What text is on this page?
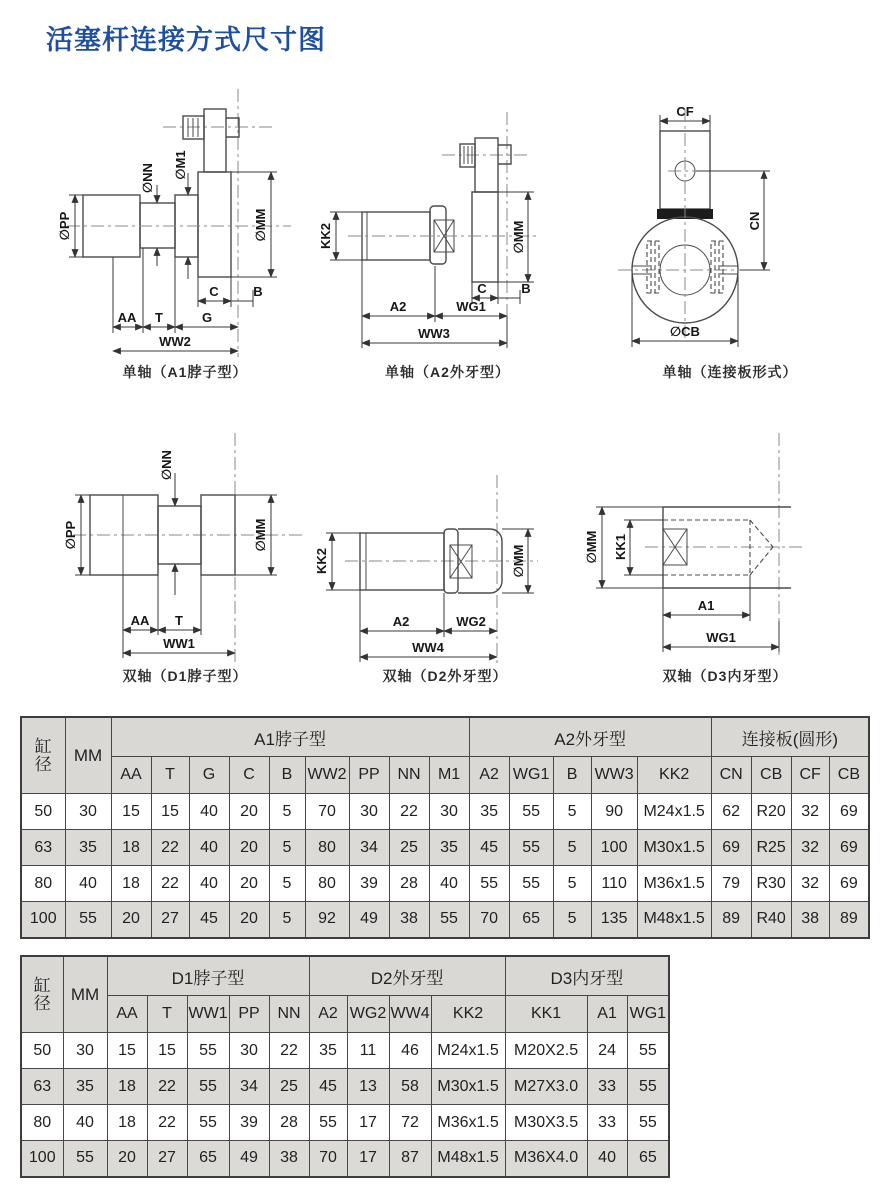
活塞杆连接方式尺寸图
∅PP
∅NN ∅M1
∅MM
C	B
AA T	G
WW2
单轴（A1脖子型）
KK2	∅MM
C	B
A2	WG1
WW3
单轴（A2外牙型）
CF
CN
∅CB
单轴（连接板形式）
∅PP
∅NN
∅MM
AA T
WW1
双轴（D1脖子型）
KK2	∅MM
A2	WG2
WW4
双轴（D2外牙型）
∅MM KK1
A1
WG1
双轴（D3内牙型）
缸径	MM	A1脖子型									A2外牙型					连接板(圆形)			
		AA	T	G	C	B	WW2	PP	NN	M1	A2	WG1	B	WW3	KK2	CN	CB	CF	CB
50	30	15	15	40	20	5	70	30	22	30	35	55	5	90	M24x1.5	62	R20	32	69
63	35	18	22	40	20	5	80	34	25	35	45	55	5	100	M30x1.5	69	R25	32	69
80	40	18	22	40	20	5	80	39	28	40	55	55	5	110	M36x1.5	79	R30	32	69
100	55	20	27	45	20	5	92	49	38	55	70	65	5	135	M48x1.5	89	R40	38	89
缸径	MM	D1脖子型					D2外牙型				D3内牙型		
		AA	T	WW1	PP	NN	A2	WG2	WW4	KK2	KK1	A1	WG1
50	30	15	15	55	30	22	35	11	46	M24x1.5	M20X2.5	24	55
63	35	18	22	55	34	25	45	13	58	M30x1.5	M27X3.0	33	55
80	40	18	22	55	39	28	55	17	72	M36x1.5	M30X3.5	33	55
100	55	20	27	65	49	38	70	17	87	M48x1.5	M36X4.0	40	65
